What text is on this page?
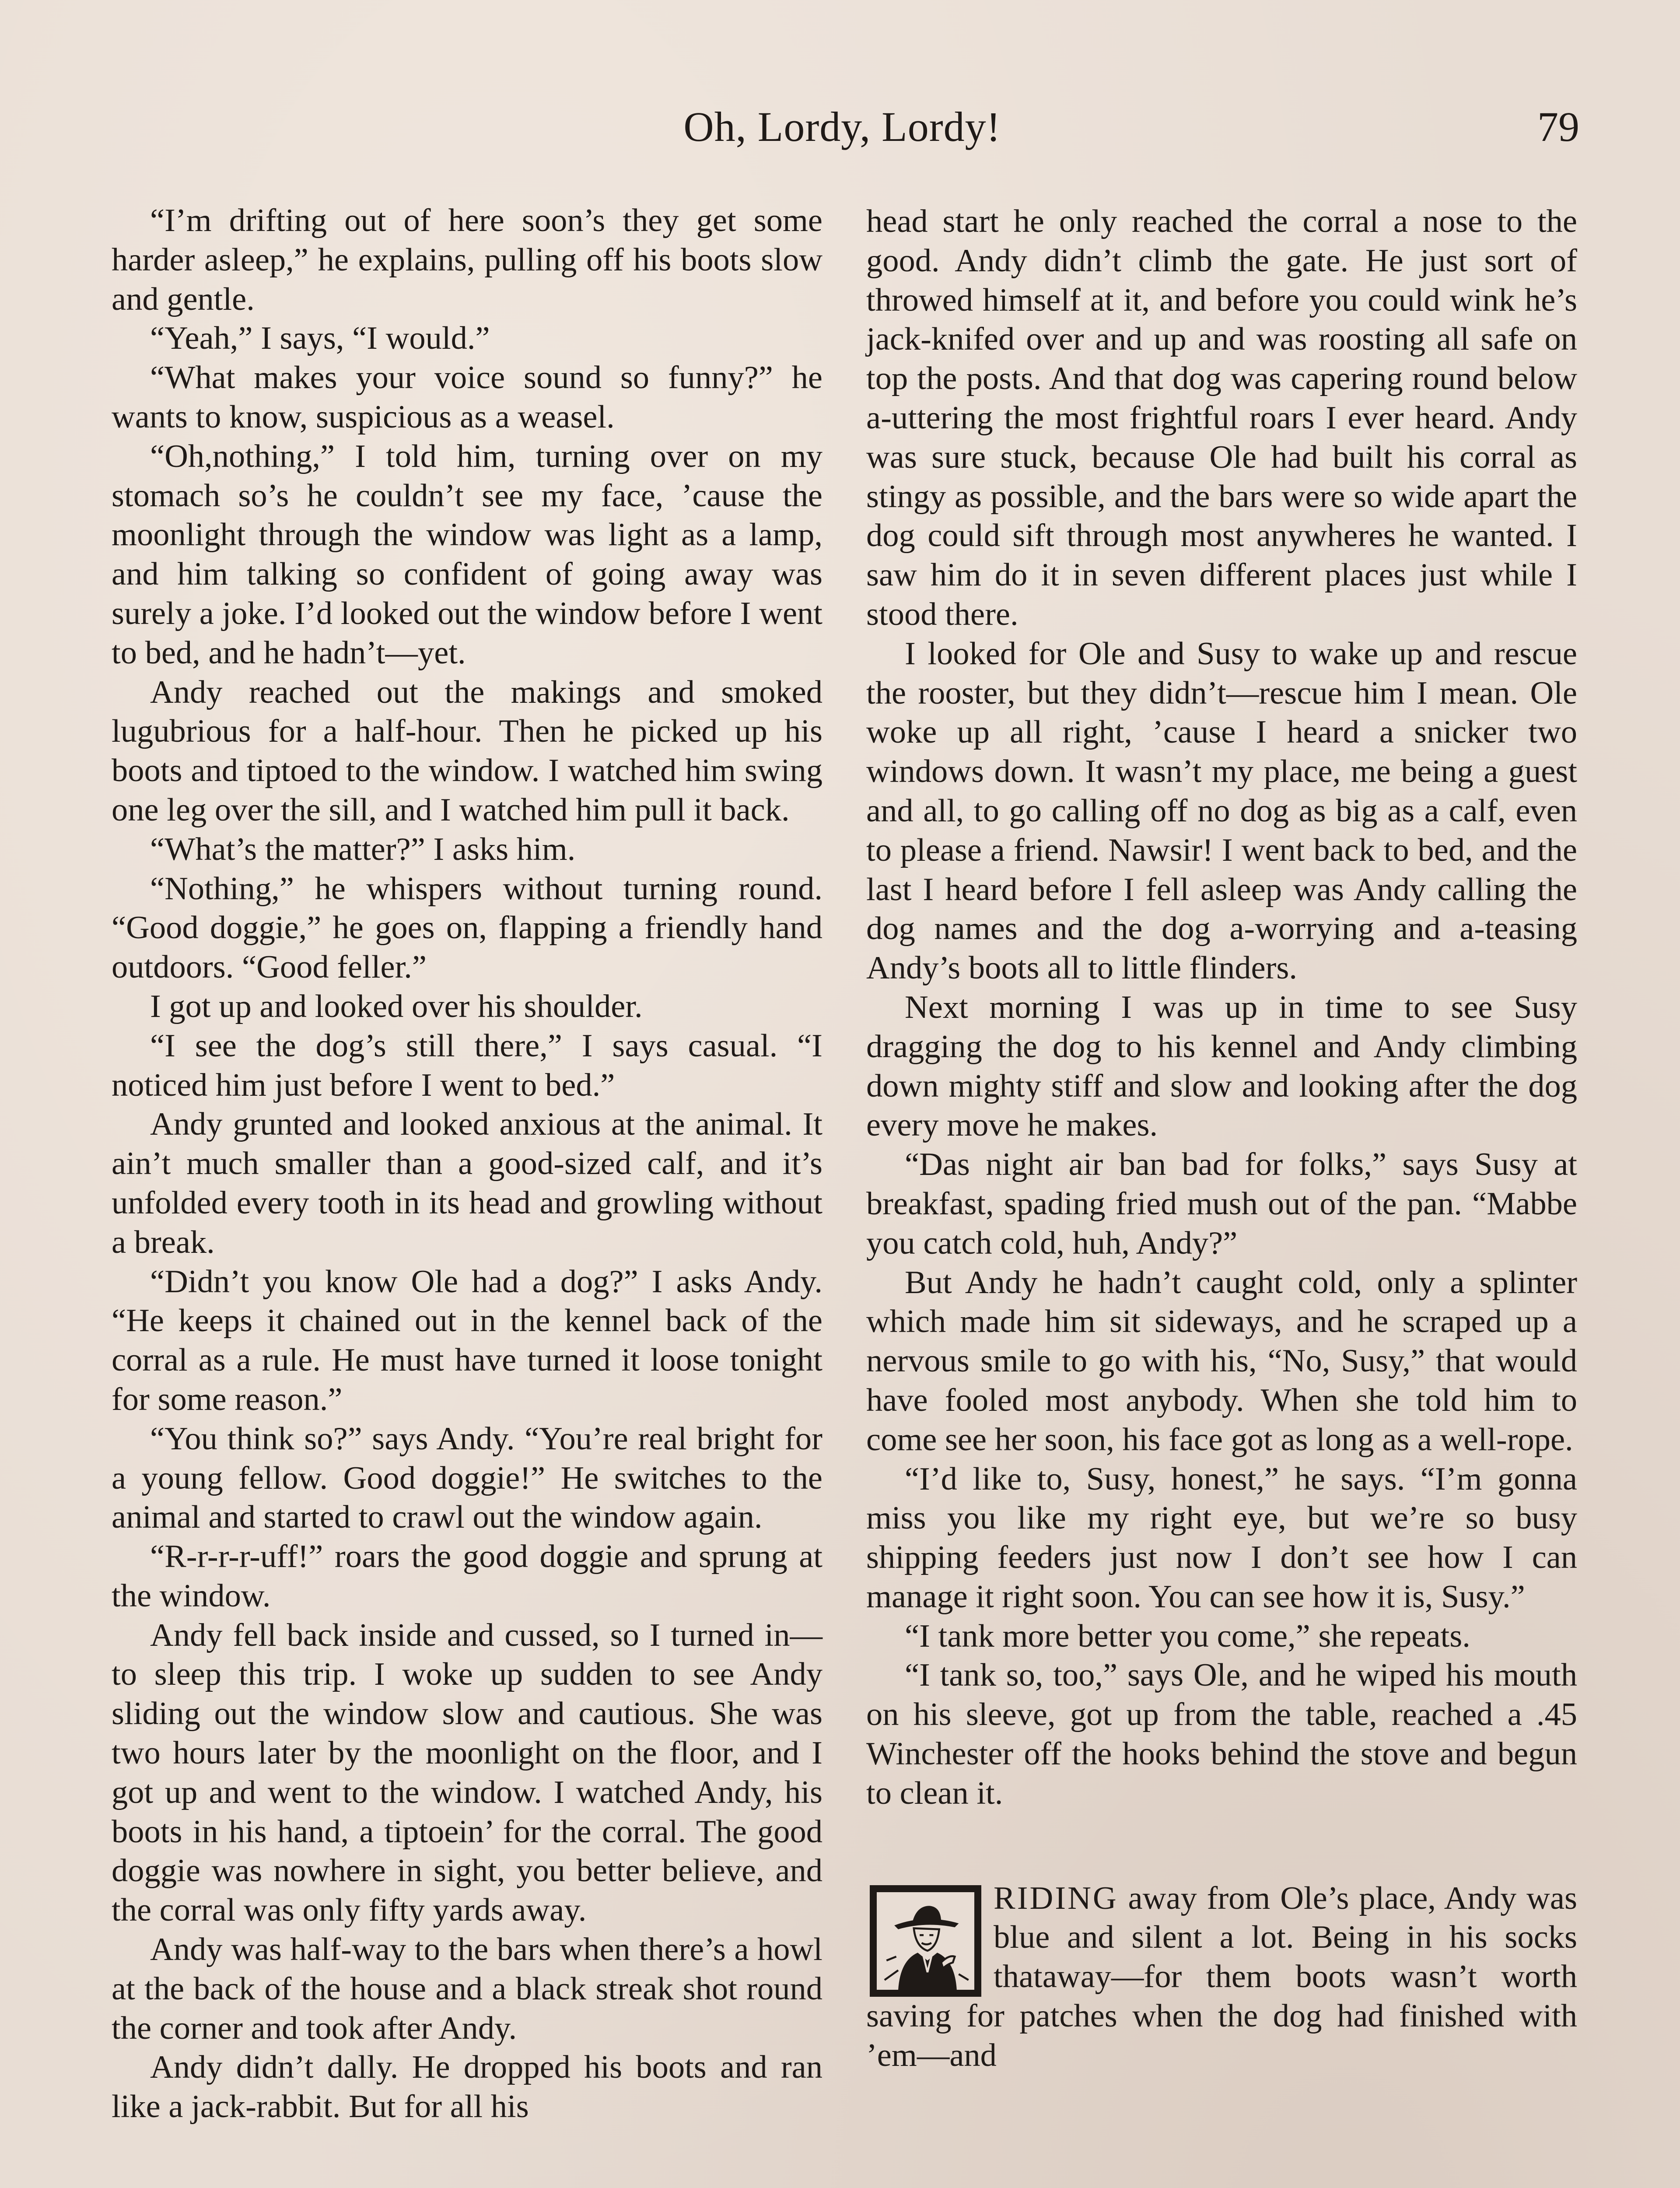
Oh, Lordy, Lordy!	79

“I’m drifting out of here soon’s they get some harder asleep,” he explains, pulling off his boots slow and gentle.

“Yeah,” I says, “I would.”

“What makes your voice sound so funny?” he wants to know, suspicious as a weasel.

“Oh,nothing,” I told him, turning over on my stomach so’s he couldn’t see my face, ’cause the moonlight through the window was light as a lamp, and him talking so confident of going away was surely a joke. I’d looked out the window before I went to bed, and he hadn’t—yet.

Andy reached out the makings and smoked lugubrious for a half-hour. Then he picked up his boots and tiptoed to the window. I watched him swing one leg over the sill, and I watched him pull it back.

“What’s the matter?” I asks him.

“Nothing,” he whispers without turning round. “Good doggie,” he goes on, flapping a friendly hand outdoors. “Good feller.”

I got up and looked over his shoulder.

“I see the dog’s still there,” I says casual. “I noticed him just before I went to bed.”

Andy grunted and looked anxious at the animal. It ain’t much smaller than a good-sized calf, and it’s unfolded every tooth in its head and growling without a break.

“Didn’t you know Ole had a dog?” I asks Andy. “He keeps it chained out in the kennel back of the corral as a rule. He must have turned it loose tonight for some reason.”

“You think so?” says Andy. “You’re real bright for a young fellow. Good doggie!” He switches to the animal and started to crawl out the window again.

“R-r-r-r-uff!” roars the good doggie and sprung at the window.

Andy fell back inside and cussed, so I turned in—to sleep this trip. I woke up sudden to see Andy sliding out the window slow and cautious. She was two hours later by the moonlight on the floor, and I got up and went to the window. I watched Andy, his boots in his hand, a tiptoein’ for the corral. The good doggie was nowhere in sight, you better believe, and the corral was only fifty yards away.

Andy was half-way to the bars when there’s a howl at the back of the house and a black streak shot round the corner and took after Andy.

Andy didn’t dally. He dropped his boots and ran like a jack-rabbit. But for all his

head start he only reached the corral a nose to the good. Andy didn’t climb the gate. He just sort of throwed himself at it, and before you could wink he’s jack-knifed over and up and was roosting all safe on top the posts. And that dog was capering round below a-uttering the most frightful roars I ever heard. Andy was sure stuck, because Ole had built his corral as stingy as possible, and the bars were so wide apart the dog could sift through most anywheres he wanted. I saw him do it in seven different places just while I stood there.

I looked for Ole and Susy to wake up and rescue the rooster, but they didn’t—rescue him I mean. Ole woke up all right, ’cause I heard a snicker two windows down. It wasn’t my place, me being a guest and all, to go calling off no dog as big as a calf, even to please a friend. Nawsir! I went back to bed, and the last I heard before I fell asleep was Andy calling the dog names and the dog a-worrying and a-teasing Andy’s boots all to little flinders.

Next morning I was up in time to see Susy dragging the dog to his kennel and Andy climbing down mighty stiff and slow and looking after the dog every move he makes.

“Das night air ban bad for folks,” says Susy at breakfast, spading fried mush out of the pan. “Mabbe you catch cold, huh, Andy?”

But Andy he hadn’t caught cold, only a splinter which made him sit sideways, and he scraped up a nervous smile to go with his, “No, Susy,” that would have fooled most anybody. When she told him to come see her soon, his face got as long as a well-rope.

“I’d like to, Susy, honest,” he says. “I’m gonna miss you like my right eye, but we’re so busy shipping feeders just now I don’t see how I can manage it right soon. You can see how it is, Susy.”

“I tank more better you come,” she repeats.

“I tank so, too,” says Ole, and he wiped his mouth on his sleeve, got up from the table, reached a .45 Winchester off the hooks behind the stove and begun to clean it.

RIDING away from Ole’s place, Andy was blue and silent a lot. Being in his socks thataway—for them boots wasn’t worth saving for patches when the dog had finished with ’em—and
